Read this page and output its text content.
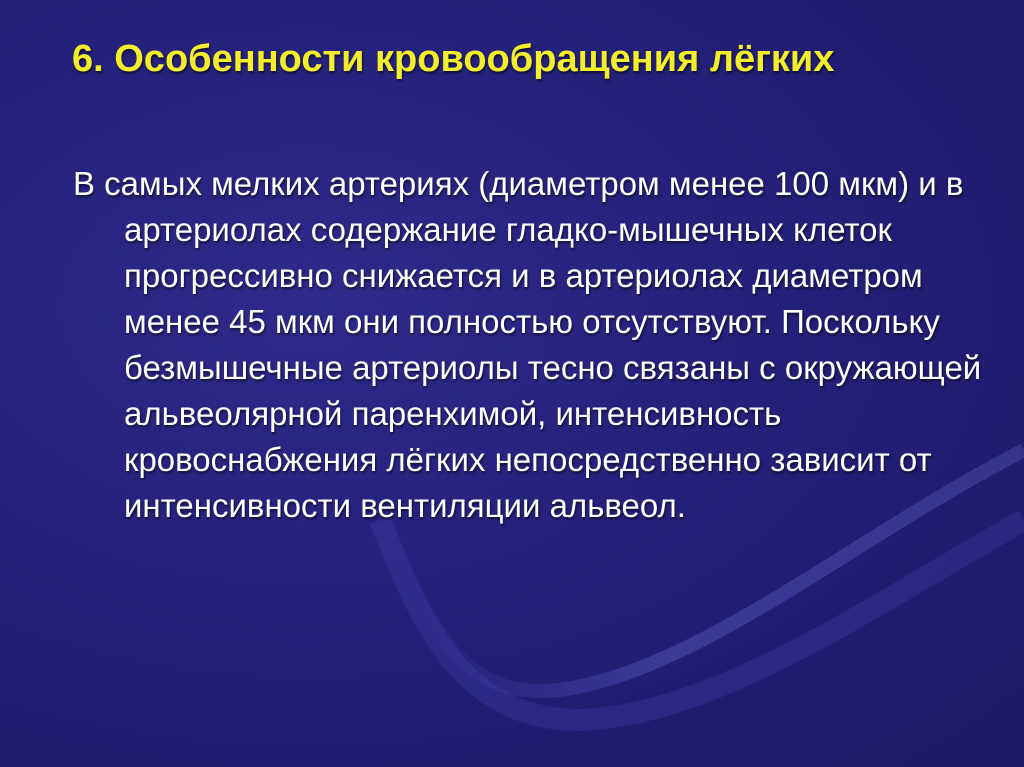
6. Особенности кровообращения лёгких

В самых мелких артериях (диаметром менее 100 мкм) и в артериолах содержание гладко-мышечных клеток прогрессивно снижается и в артериолах диаметром менее 45 мкм они полностью отсутствуют. Поскольку безмышечные артериолы тесно связаны с окружающей альвеолярной паренхимой, интенсивность кровоснабжения лёгких непосредственно зависит от интенсивности вентиляции альвеол.
